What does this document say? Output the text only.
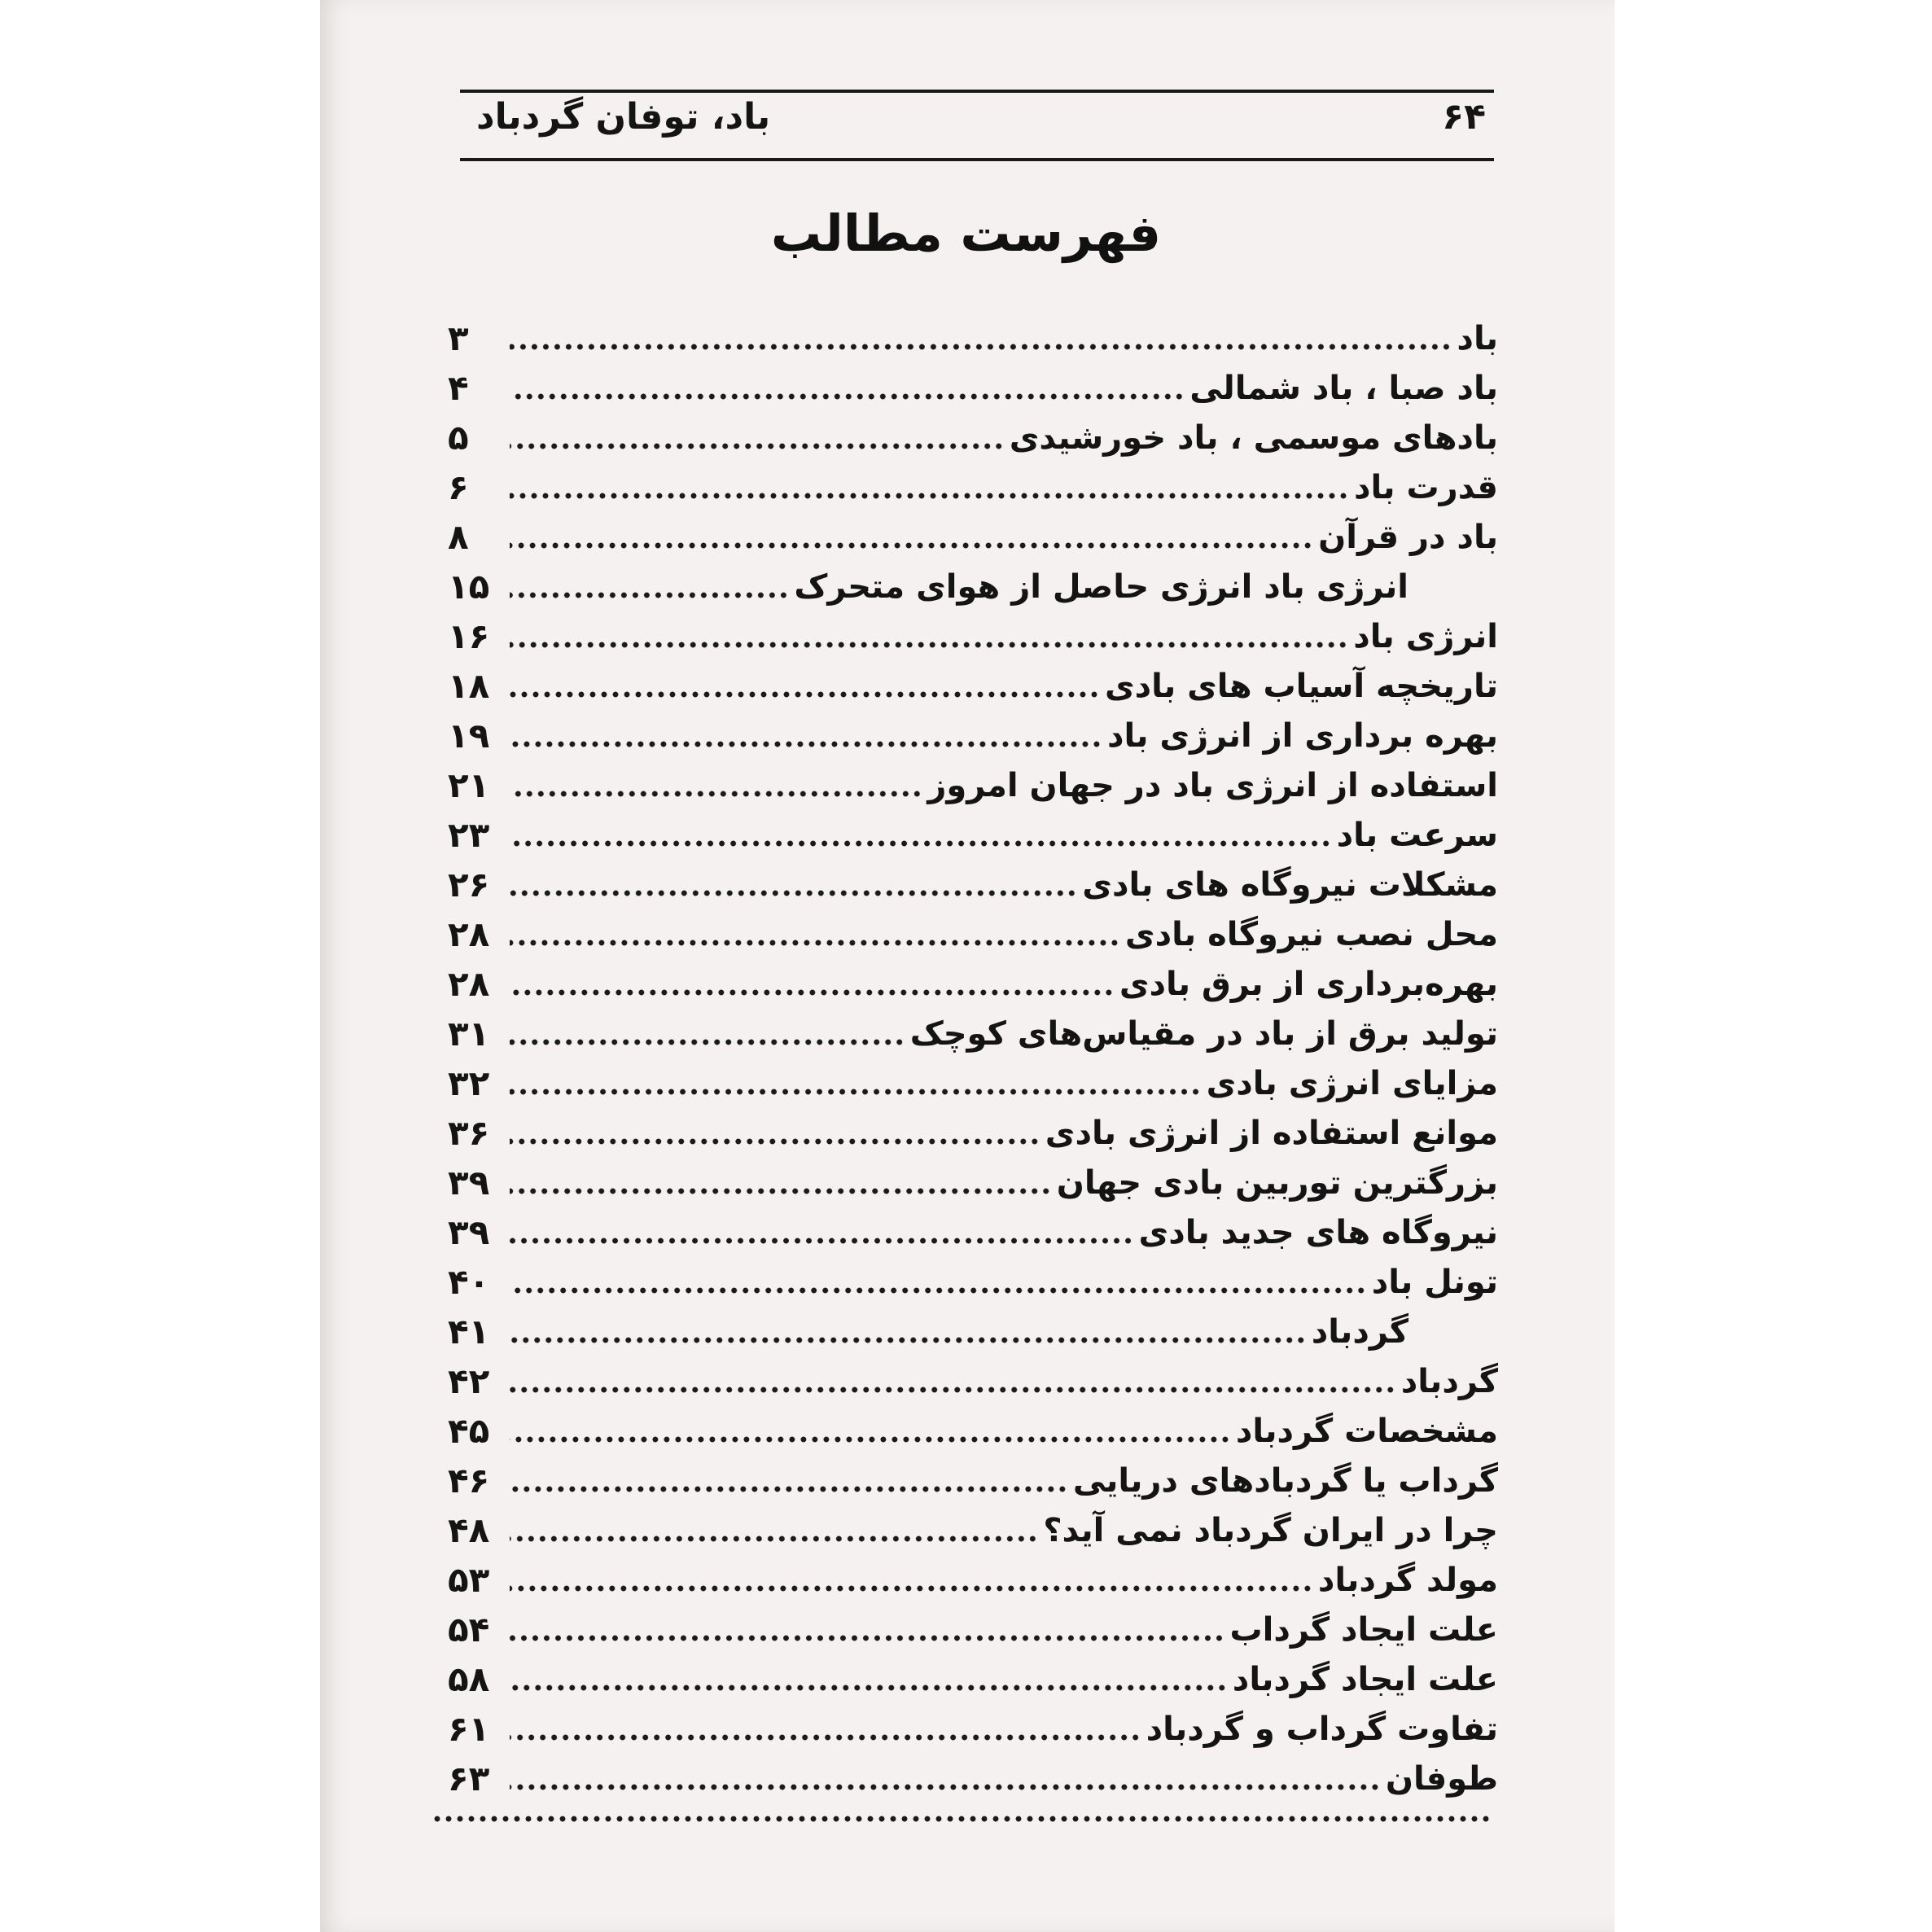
باد، توفان گردباد	۶۴
فهرست مطالب
باد
۳
باد صبا ، باد شمالی
۴
بادهای موسمی ، باد خورشیدی
۵
قدرت باد
۶
باد در قرآن
۸
انرژی باد انرژی حاصل از هوای متحرک
۱۵
انرژی باد
۱۶
تاریخچه آسیاب های بادی
۱۸
بهره برداری از انرژی باد
۱۹
استفاده از انرژی باد در جهان امروز
۲۱
سرعت باد
۲۳
مشکلات نیروگاه های بادی
۲۶
محل نصب نیروگاه بادی
۲۸
بهره‌برداری از برق بادی
۲۸
تولید برق از باد در مقیاس‌های کوچک
۳۱
مزایای انرژی بادی
۳۲
موانع استفاده از انرژی بادی
۳۶
بزرگترین توربین بادی جهان
۳۹
نیروگاه های جدید بادی
۳۹
تونل باد
۴۰
گردباد
۴۱
گردباد
۴۲
مشخصات گردباد
۴۵
گرداب یا گردبادهای دریایی
۴۶
چرا در ایران گردباد نمی آید؟
۴۸
مولد گردباد
۵۳
علت ایجاد گرداب
۵۴
علت ایجاد گردباد
۵۸
تفاوت گرداب و گردباد
۶۱
طوفان
۶۳
